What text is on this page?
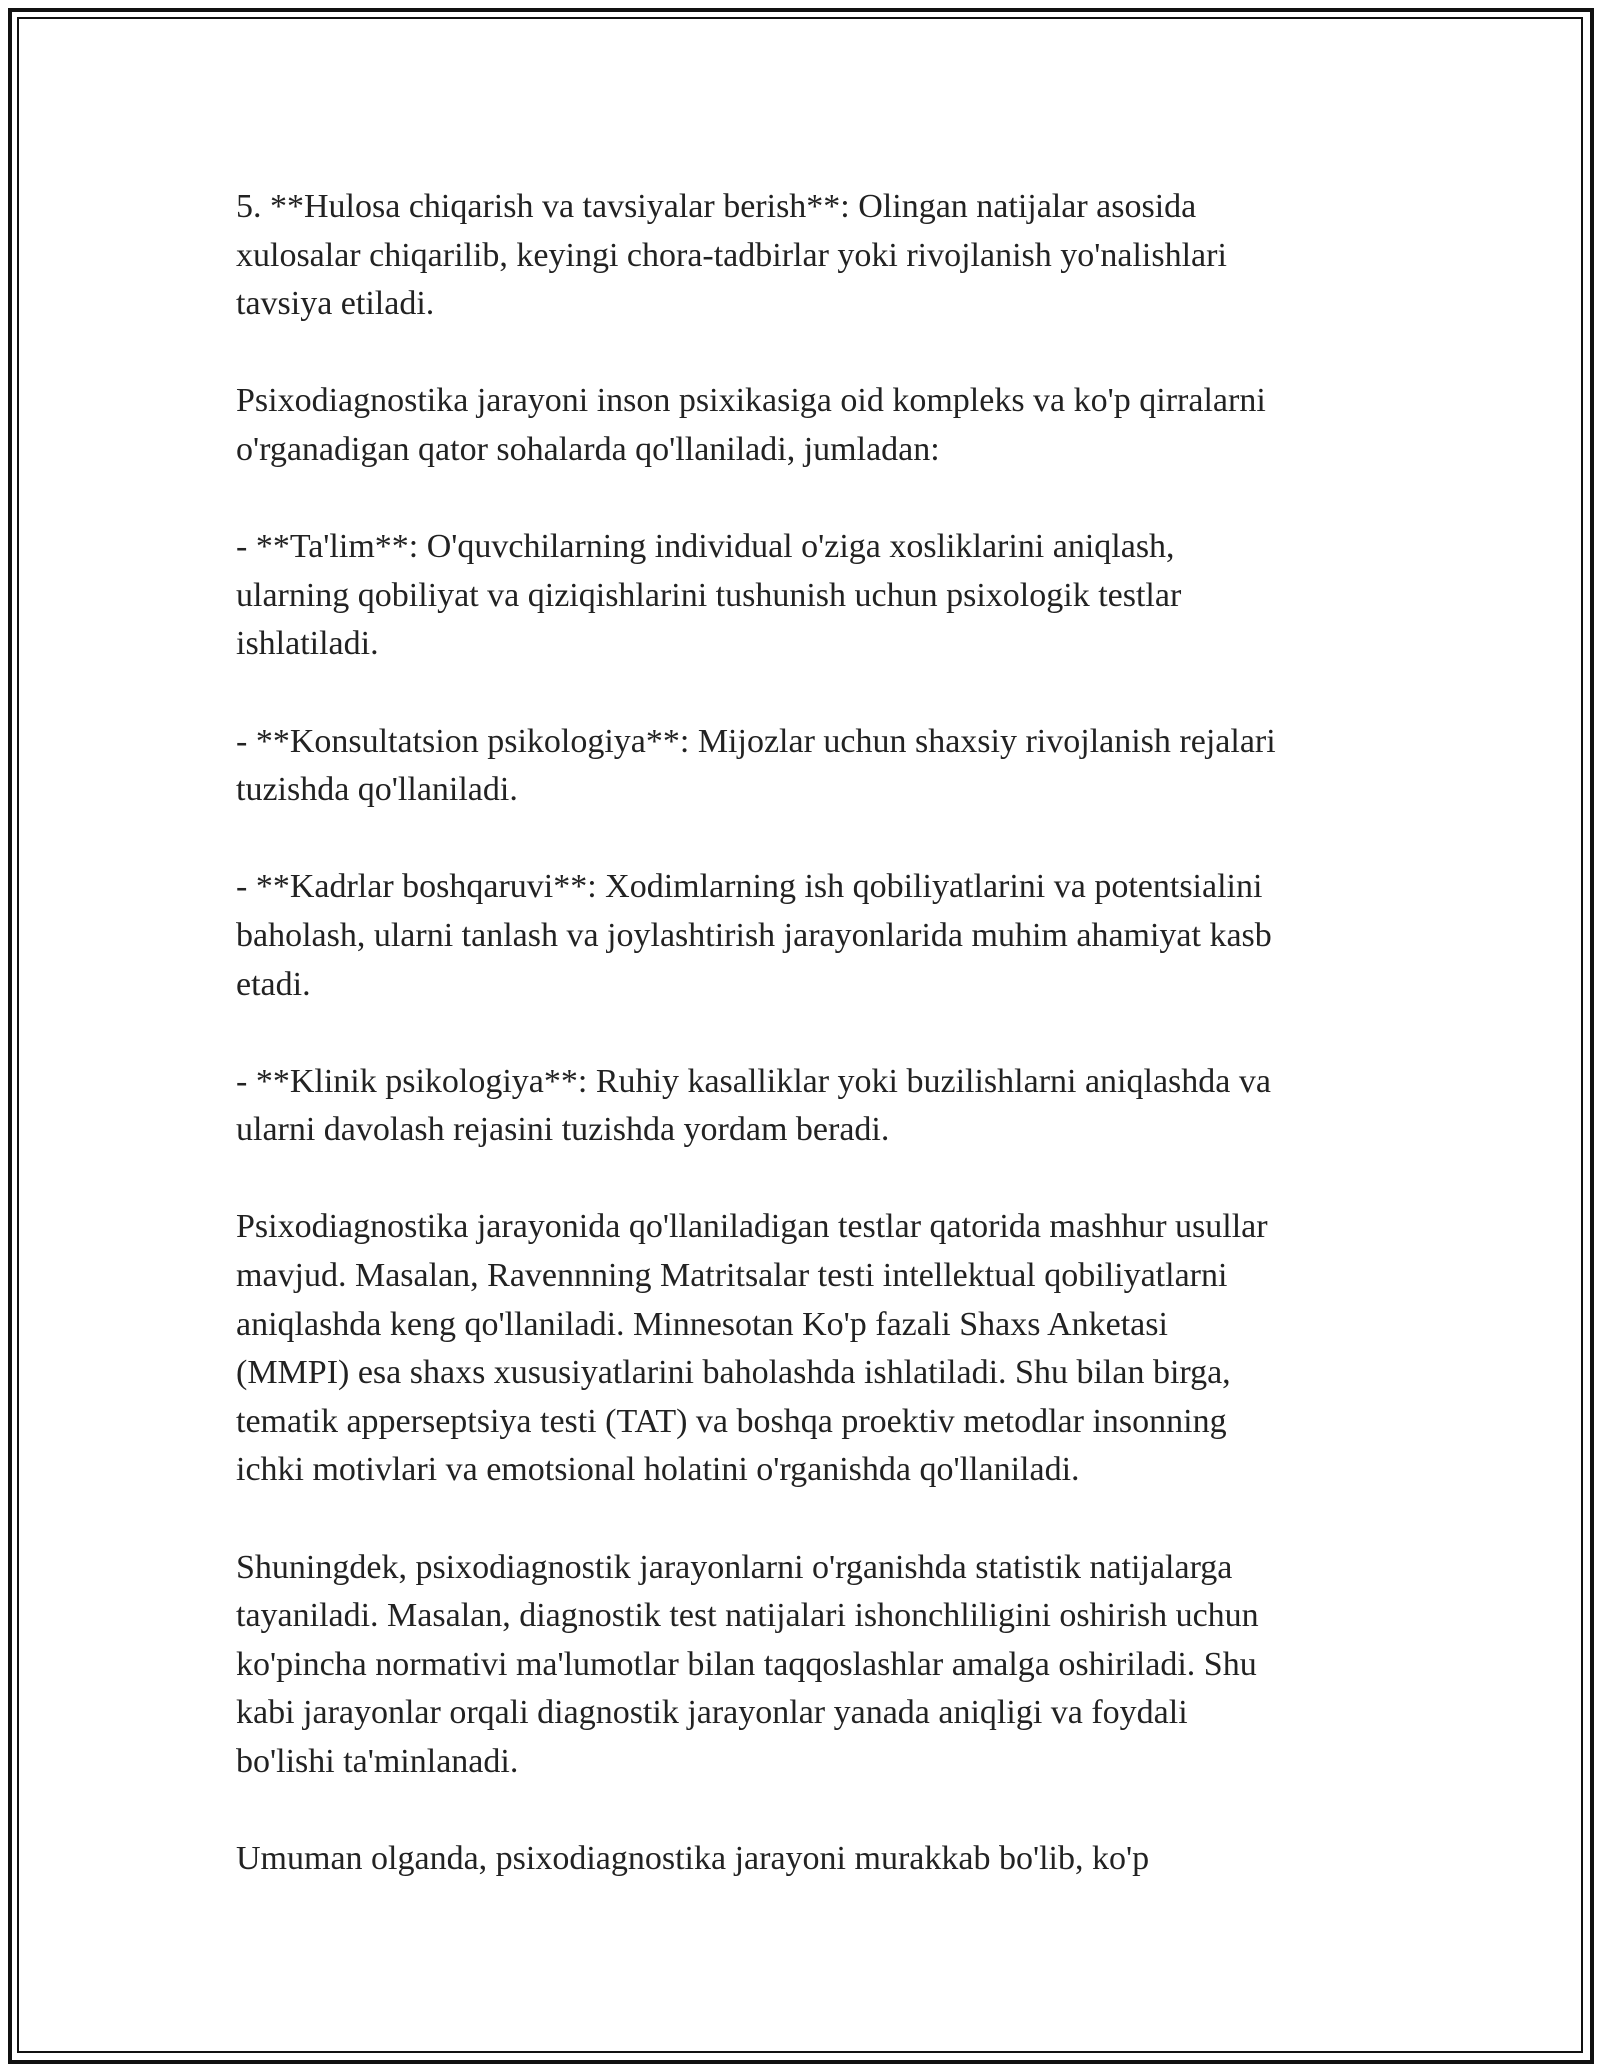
5. **Hulosa chiqarish va tavsiyalar berish**: Olingan natijalar asosida
xulosalar chiqarilib, keyingi chora-tadbirlar yoki rivojlanish yo'nalishlari
tavsiya etiladi.

Psixodiagnostika jarayoni inson psixikasiga oid kompleks va ko'p qirralarni
o'rganadigan qator sohalarda qo'llaniladi, jumladan:

- **Ta'lim**: O'quvchilarning individual o'ziga xosliklarini aniqlash,
ularning qobiliyat va qiziqishlarini tushunish uchun psixologik testlar
ishlatiladi.

- **Konsultatsion psikologiya**: Mijozlar uchun shaxsiy rivojlanish rejalari
tuzishda qo'llaniladi.

- **Kadrlar boshqaruvi**: Xodimlarning ish qobiliyatlarini va potentsialini
baholash, ularni tanlash va joylashtirish jarayonlarida muhim ahamiyat kasb
etadi.

- **Klinik psikologiya**: Ruhiy kasalliklar yoki buzilishlarni aniqlashda va
ularni davolash rejasini tuzishda yordam beradi.

Psixodiagnostika jarayonida qo'llaniladigan testlar qatorida mashhur usullar
mavjud. Masalan, Ravennning Matritsalar testi intellektual qobiliyatlarni
aniqlashda keng qo'llaniladi. Minnesotan Ko'p fazali Shaxs Anketasi
(MMPI) esa shaxs xususiyatlarini baholashda ishlatiladi. Shu bilan birga,
tematik apperseptsiya testi (TAT) va boshqa proektiv metodlar insonning
ichki motivlari va emotsional holatini o'rganishda qo'llaniladi.

Shuningdek, psixodiagnostik jarayonlarni o'rganishda statistik natijalarga
tayaniladi. Masalan, diagnostik test natijalari ishonchliligini oshirish uchun
ko'pincha normativi ma'lumotlar bilan taqqoslashlar amalga oshiriladi. Shu
kabi jarayonlar orqali diagnostik jarayonlar yanada aniqligi va foydali
bo'lishi ta'minlanadi.

Umuman olganda, psixodiagnostika jarayoni murakkab bo'lib, ko'p
